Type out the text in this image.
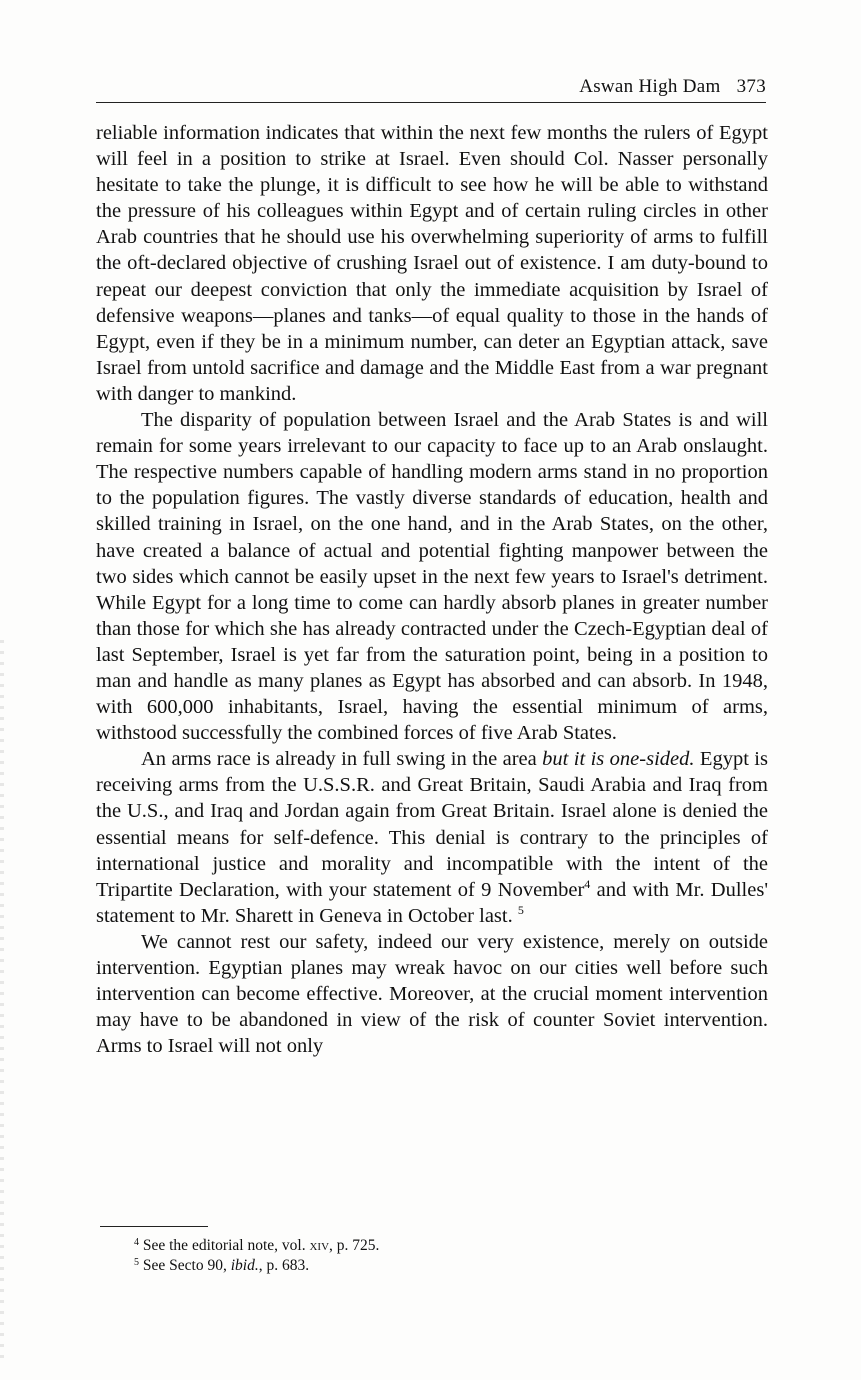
Aswan High Dam 373

reliable information indicates that within the next few months the rulers of Egypt will feel in a position to strike at Israel. Even should Col. Nasser personally hesitate to take the plunge, it is difficult to see how he will be able to withstand the pressure of his colleagues within Egypt and of certain ruling circles in other Arab countries that he should use his overwhelming superiority of arms to fulfill the oft-declared objective of crushing Israel out of existence. I am duty-bound to repeat our deepest conviction that only the immediate acquisition by Israel of defensive weapons—planes and tanks—of equal quality to those in the hands of Egypt, even if they be in a minimum number, can deter an Egyptian attack, save Israel from untold sacrifice and damage and the Middle East from a war pregnant with danger to mankind.

The disparity of population between Israel and the Arab States is and will remain for some years irrelevant to our capacity to face up to an Arab onslaught. The respective numbers capable of handling modern arms stand in no proportion to the population figures. The vastly diverse standards of education, health and skilled training in Israel, on the one hand, and in the Arab States, on the other, have created a balance of actual and potential fighting manpower between the two sides which cannot be easily upset in the next few years to Israel's detriment. While Egypt for a long time to come can hardly absorb planes in greater number than those for which she has already contracted under the Czech-Egyptian deal of last September, Israel is yet far from the saturation point, being in a position to man and handle as many planes as Egypt has absorbed and can absorb. In 1948, with 600,000 inhabitants, Israel, having the essential minimum of arms, withstood successfully the combined forces of five Arab States.

An arms race is already in full swing in the area but it is one-sided. Egypt is receiving arms from the U.S.S.R. and Great Britain, Saudi Arabia and Iraq from the U.S., and Iraq and Jordan again from Great Britain. Israel alone is denied the essential means for self-defence. This denial is contrary to the principles of international justice and morality and incompatible with the intent of the Tripartite Declaration, with your statement of 9 November$^4$ and with Mr. Dulles' statement to Mr. Sharett in Geneva in October last. $^5$

We cannot rest our safety, indeed our very existence, merely on outside intervention. Egyptian planes may wreak havoc on our cities well before such intervention can become effective. Moreover, at the crucial moment intervention may have to be abandoned in view of the risk of counter Soviet intervention. Arms to Israel will not only

$^4$ See the editorial note, vol. xiv, p. 725.
$^5$ See Secto 90, ibid., p. 683.
